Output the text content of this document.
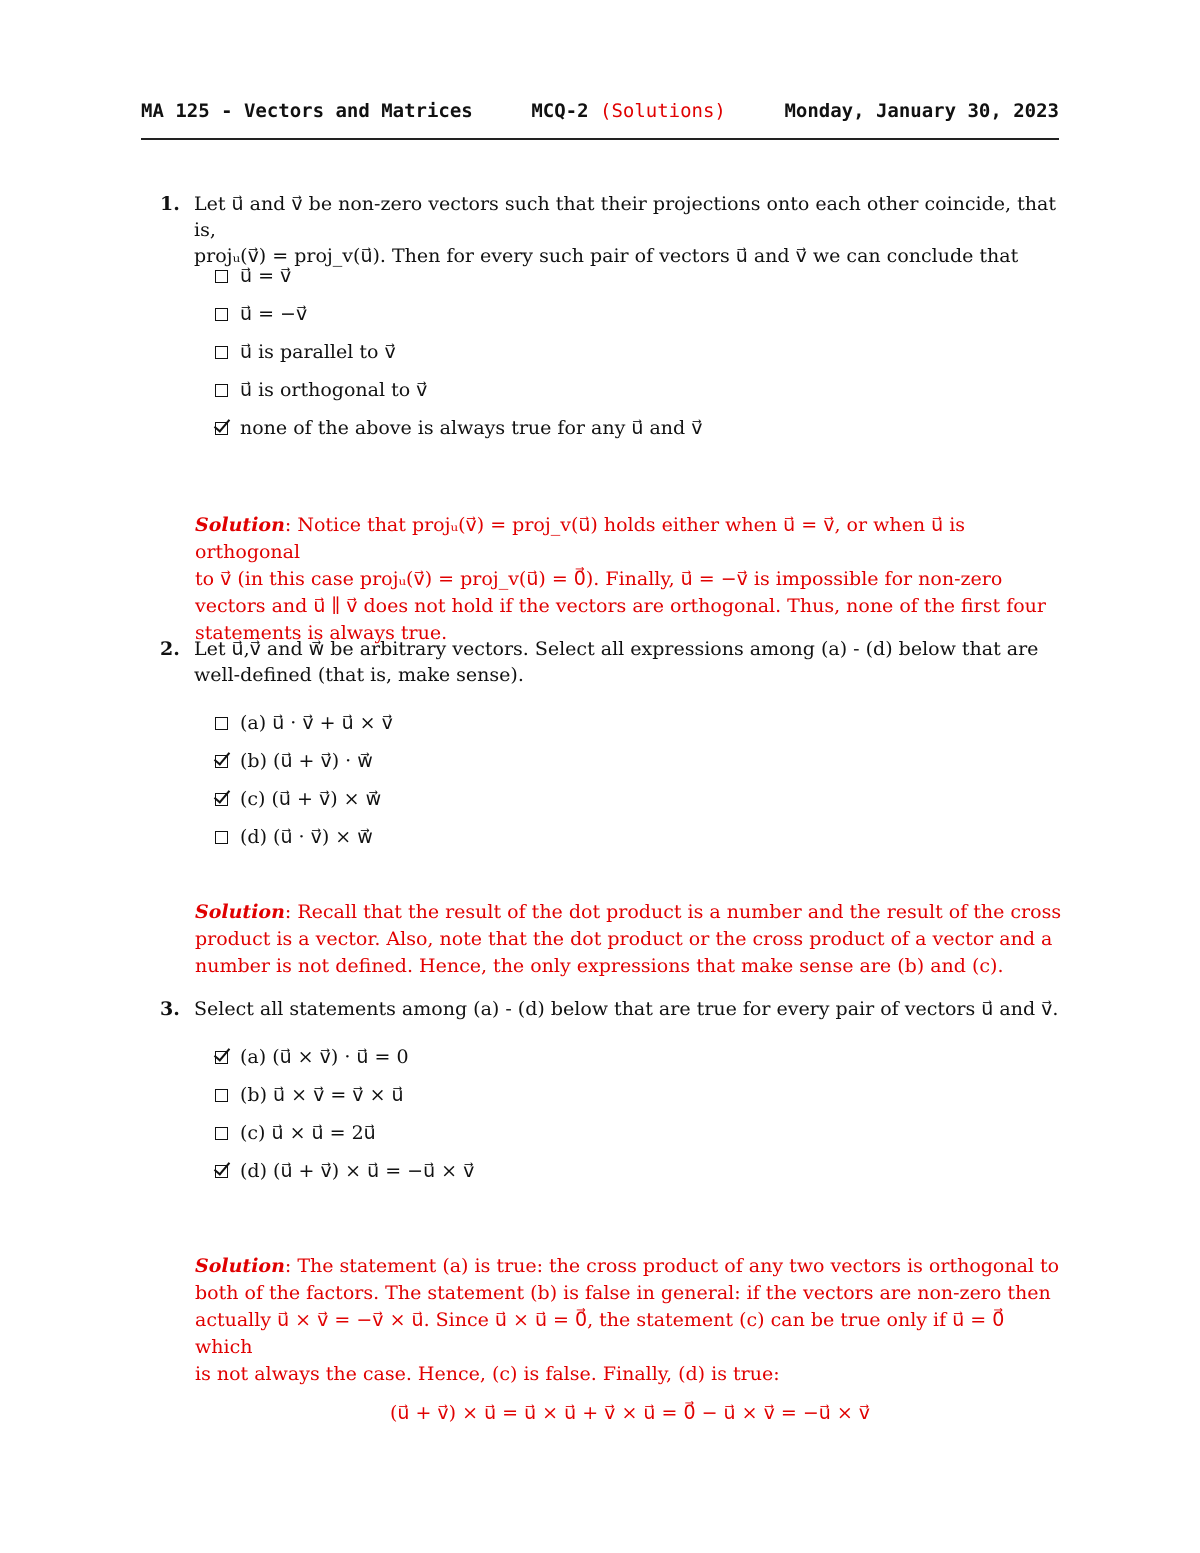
MA 125 - Vectors and Matrices	MCQ-2 (Solutions)	Monday, January 30, 2023
1. Let u⃗ and v⃗ be non-zero vectors such that their projections onto each other coincide, that is,
projᵤ(v⃗) = proj_v(u⃗). Then for every such pair of vectors u⃗ and v⃗ we can conclude that
u⃗ = v⃗
u⃗ = −v⃗
u⃗ is parallel to v⃗
u⃗ is orthogonal to v⃗
none of the above is always true for any u⃗ and v⃗
Solution: Notice that projᵤ(v⃗) = proj_v(u⃗) holds either when u⃗ = v⃗, or when u⃗ is orthogonal
to v⃗ (in this case projᵤ(v⃗) = proj_v(u⃗) = 0⃗). Finally, u⃗ = −v⃗ is impossible for non-zero
vectors and u⃗ ∥ v⃗ does not hold if the vectors are orthogonal. Thus, none of the first four
statements is always true.
2. Let u⃗,v⃗ and w⃗ be arbitrary vectors. Select all expressions among (a) - (d) below that are
well-defined (that is, make sense).
(a) u⃗ · v⃗ + u⃗ × v⃗
(b) (u⃗ + v⃗) · w⃗
(c) (u⃗ + v⃗) × w⃗
(d) (u⃗ · v⃗) × w⃗
Solution: Recall that the result of the dot product is a number and the result of the cross
product is a vector. Also, note that the dot product or the cross product of a vector and a
number is not defined. Hence, the only expressions that make sense are (b) and (c).
3. Select all statements among (a) - (d) below that are true for every pair of vectors u⃗ and v⃗.
(a) (u⃗ × v⃗) · u⃗ = 0
(b) u⃗ × v⃗ = v⃗ × u⃗
(c) u⃗ × u⃗ = 2u⃗
(d) (u⃗ + v⃗) × u⃗ = −u⃗ × v⃗
Solution: The statement (a) is true: the cross product of any two vectors is orthogonal to
both of the factors. The statement (b) is false in general: if the vectors are non-zero then
actually u⃗ × v⃗ = −v⃗ × u⃗. Since u⃗ × u⃗ = 0⃗, the statement (c) can be true only if u⃗ = 0⃗ which
is not always the case. Hence, (c) is false. Finally, (d) is true:
(u⃗ + v⃗) × u⃗ = u⃗ × u⃗ + v⃗ × u⃗ = 0⃗ − u⃗ × v⃗ = −u⃗ × v⃗
